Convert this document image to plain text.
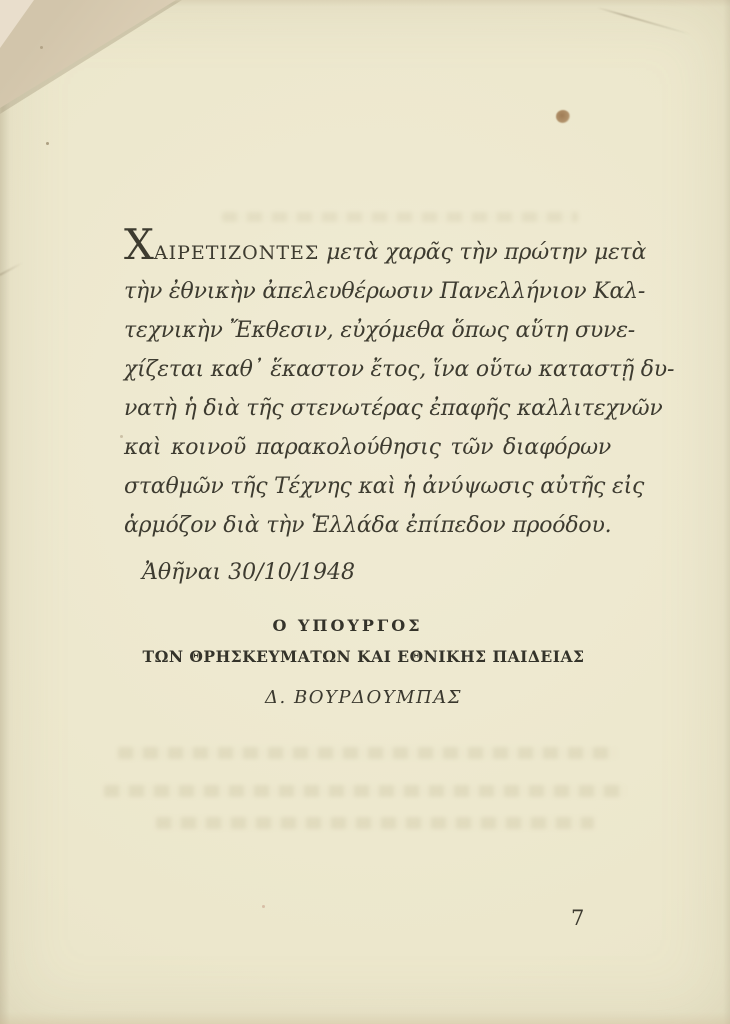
ΧΑΙΡΕΤΙΖΟΝΤΕΣ μετὰ χαρᾶς τὴν πρώτην μετὰ
τὴν ἐθνικὴν ἀπελευθέρωσιν Πανελλήνιον Καλ-
τεχνικὴν Ἔκθεσιν, εὐχόμεθα ὅπως αὕτη συνε-
χίζεται καθ᾽ ἕκαστον ἔτος, ἵνα οὕτω καταστῇ δυ-
νατὴ ἡ διὰ τῆς στενωτέρας ἐπαφῆς καλλιτεχνῶν
καὶ κοινοῦ παρακολούθησις τῶν διαφόρων
σταθμῶν τῆς Τέχνης καὶ ἡ ἀνύψωσις αὐτῆς εἰς
ἁρμόζον διὰ τὴν Ἑλλάδα ἐπίπεδον προόδου.
Ἀθῆναι 30/10/1948
Ο ΥΠΟΥΡΓΟΣ
ΤΩΝ ΘΡΗΣΚΕΥΜΑΤΩΝ ΚΑΙ ΕΘΝΙΚΗΣ ΠΑΙΔΕΙΑΣ
Δ. ΒΟΥΡΔΟΥΜΠΑΣ
7
